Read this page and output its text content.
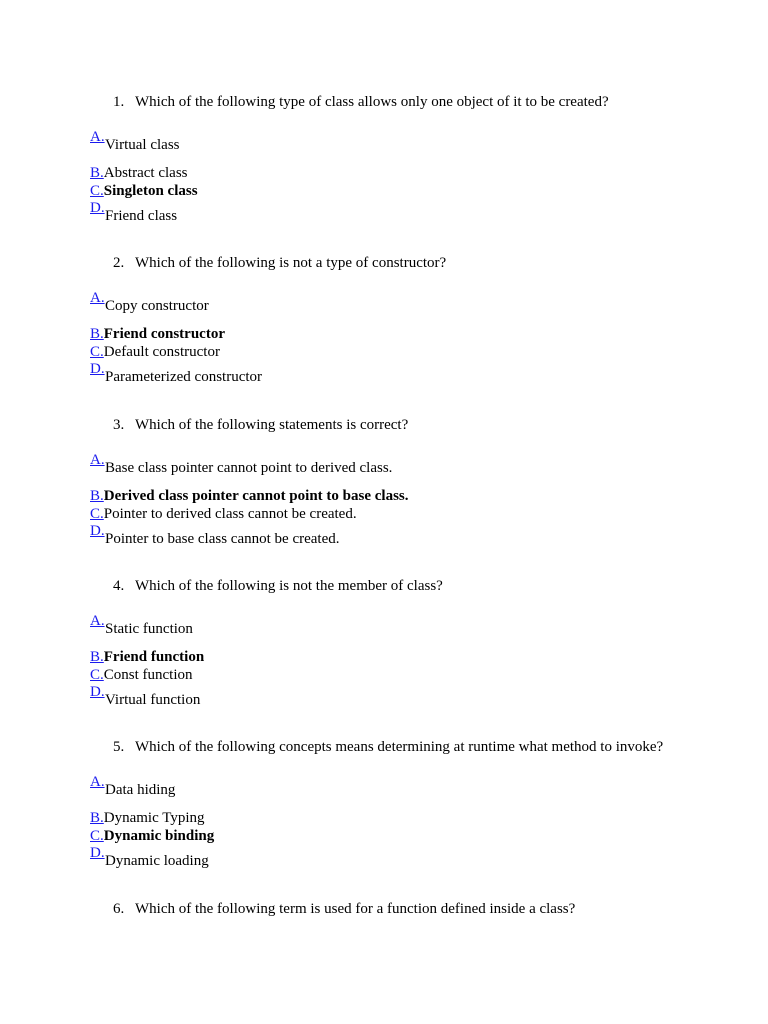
1. Which of the following type of class allows only one object of it to be created?
A.Virtual class
B.Abstract class
C.Singleton class
D.Friend class
2. Which of the following is not a type of constructor?
A.Copy constructor
B.Friend constructor
C.Default constructor
D.Parameterized constructor
3. Which of the following statements is correct?
A.Base class pointer cannot point to derived class.
B.Derived class pointer cannot point to base class.
C.Pointer to derived class cannot be created.
D.Pointer to base class cannot be created.
4. Which of the following is not the member of class?
A.Static function
B.Friend function
C.Const function
D.Virtual function
5. Which of the following concepts means determining at runtime what method to invoke?
A.Data hiding
B.Dynamic Typing
C.Dynamic binding
D.Dynamic loading
6. Which of the following term is used for a function defined inside a class?
